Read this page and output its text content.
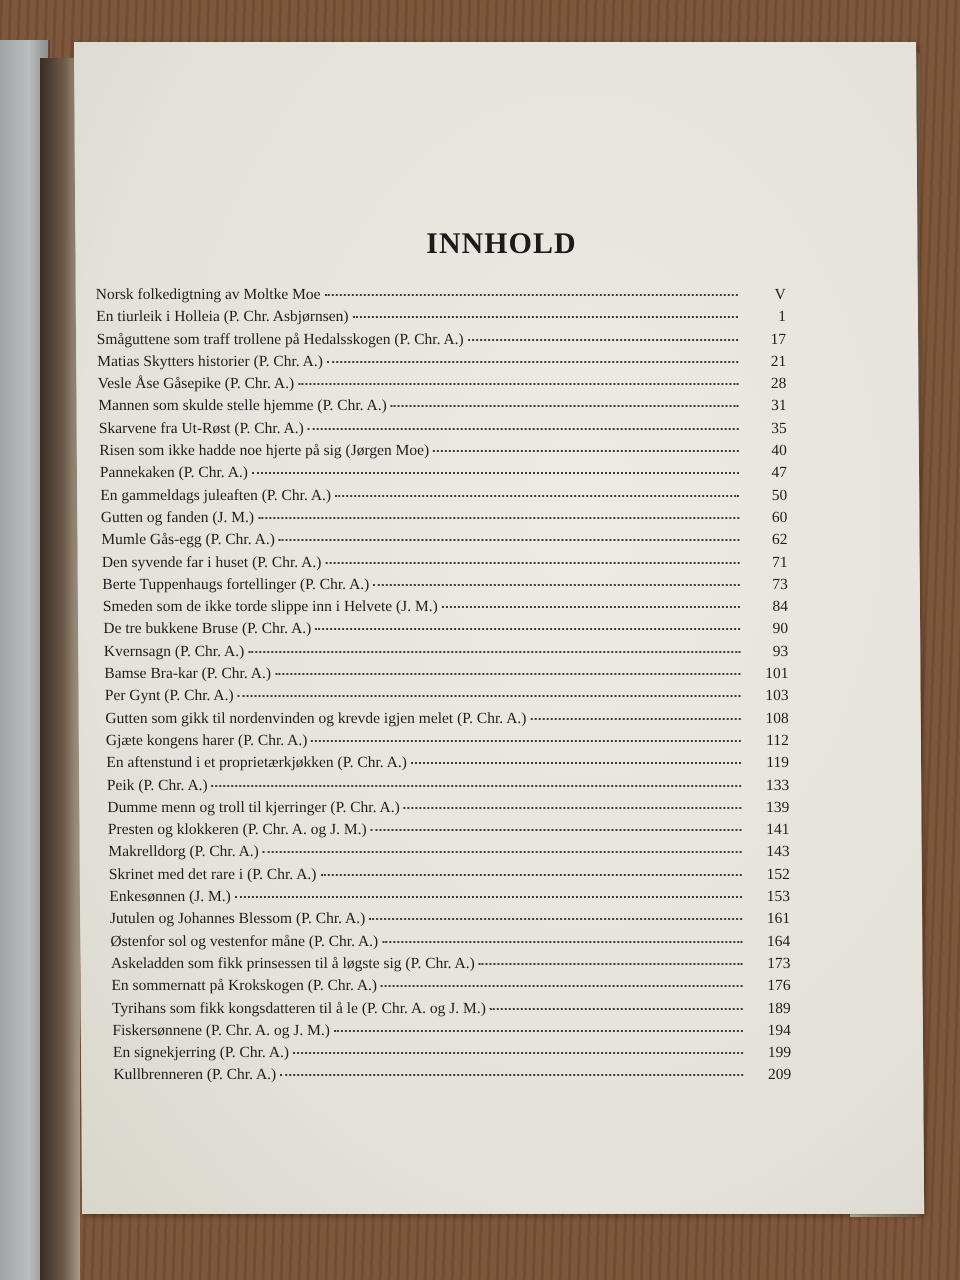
INNHOLD
Norsk folkedigtning av Moltke Moe	V
En tiurleik i Holleia (P. Chr. Asbjørnsen)	1
Småguttene som traff trollene på Hedalsskogen (P. Chr. A.)	17
Matias Skytters historier (P. Chr. A.)	21
Vesle Åse Gåsepike (P. Chr. A.)	28
Mannen som skulde stelle hjemme (P. Chr. A.)	31
Skarvene fra Ut-Røst (P. Chr. A.)	35
Risen som ikke hadde noe hjerte på sig (Jørgen Moe)	40
Pannekaken (P. Chr. A.)	47
En gammeldags juleaften (P. Chr. A.)	50
Gutten og fanden (J. M.)	60
Mumle Gås-egg (P. Chr. A.)	62
Den syvende far i huset (P. Chr. A.)	71
Berte Tuppenhaugs fortellinger (P. Chr. A.)	73
Smeden som de ikke torde slippe inn i Helvete (J. M.)	84
De tre bukkene Bruse (P. Chr. A.)	90
Kvernsagn (P. Chr. A.)	93
Bamse Bra-kar (P. Chr. A.)	101
Per Gynt (P. Chr. A.)	103
Gutten som gikk til nordenvinden og krevde igjen melet (P. Chr. A.)	108
Gjæte kongens harer (P. Chr. A.)	112
En aftenstund i et proprietærkjøkken (P. Chr. A.)	119
Peik (P. Chr. A.)	133
Dumme menn og troll til kjerringer (P. Chr. A.)	139
Presten og klokkeren (P. Chr. A. og J. M.)	141
Makrelldorg (P. Chr. A.)	143
Skrinet med det rare i (P. Chr. A.)	152
Enkesønnen (J. M.)	153
Jutulen og Johannes Blessom (P. Chr. A.)	161
Østenfor sol og vestenfor måne (P. Chr. A.)	164
Askeladden som fikk prinsessen til å løgste sig (P. Chr. A.)	173
En sommernatt på Krokskogen (P. Chr. A.)	176
Tyrihans som fikk kongsdatteren til å le (P. Chr. A. og J. M.)	189
Fiskersønnene (P. Chr. A. og J. M.)	194
En signekjerring (P. Chr. A.)	199
Kullbrenneren (P. Chr. A.)	209
